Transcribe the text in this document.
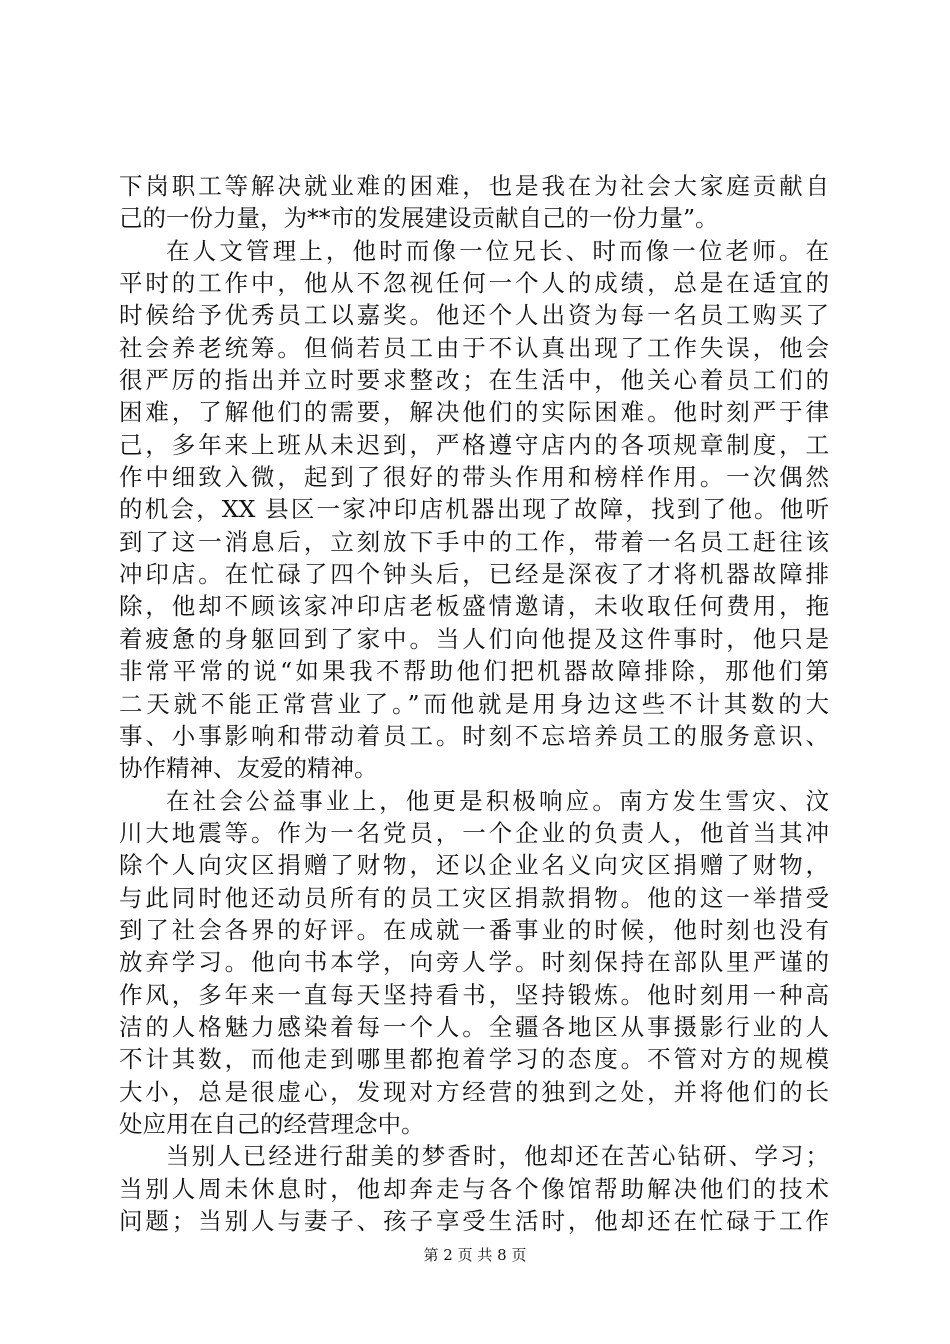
下岗职工等解决就业难的困难，也是我在为社会大家庭贡献自
己的一份力量，为**市的发展建设贡献自己的一份力量”。
在人文管理上，他时而像一位兄长、时而像一位老师。在
平时的工作中，他从不忽视任何一个人的成绩，总是在适宜的
时候给予优秀员工以嘉奖。他还个人出资为每一名员工购买了
社会养老统筹。但倘若员工由于不认真出现了工作失误，他会
很严厉的指出并立时要求整改；在生活中，他关心着员工们的
困难，了解他们的需要，解决他们的实际困难。他时刻严于律
己，多年来上班从未迟到，严格遵守店内的各项规章制度，工
作中细致入微，起到了很好的带头作用和榜样作用。一次偶然
的机会，XX 县区一家冲印店机器出现了故障，找到了他。他听
到了这一消息后，立刻放下手中的工作，带着一名员工赶往该
冲印店。在忙碌了四个钟头后，已经是深夜了才将机器故障排
除，他却不顾该家冲印店老板盛情邀请，未收取任何费用，拖
着疲惫的身躯回到了家中。当人们向他提及这件事时，他只是
非常平常的说“如果我不帮助他们把机器故障排除，那他们第
二天就不能正常营业了。”而他就是用身边这些不计其数的大
事、小事影响和带动着员工。时刻不忘培养员工的服务意识、
协作精神、友爱的精神。
在社会公益事业上，他更是积极响应。南方发生雪灾、汶
川大地震等。作为一名党员，一个企业的负责人，他首当其冲
除个人向灾区捐赠了财物，还以企业名义向灾区捐赠了财物，
与此同时他还动员所有的员工灾区捐款捐物。他的这一举措受
到了社会各界的好评。在成就一番事业的时候，他时刻也没有
放弃学习。他向书本学，向旁人学。时刻保持在部队里严谨的
作风，多年来一直每天坚持看书，坚持锻炼。他时刻用一种高
洁的人格魅力感染着每一个人。全疆各地区从事摄影行业的人
不计其数，而他走到哪里都抱着学习的态度。不管对方的规模
大小，总是很虚心，发现对方经营的独到之处，并将他们的长
处应用在自己的经营理念中。
当别人已经进行甜美的梦香时，他却还在苦心钻研、学习；
当别人周未休息时，他却奔走与各个像馆帮助解决他们的技术
问题；当别人与妻子、孩子享受生活时，他却还在忙碌于工作
第 2 页 共 8 页
